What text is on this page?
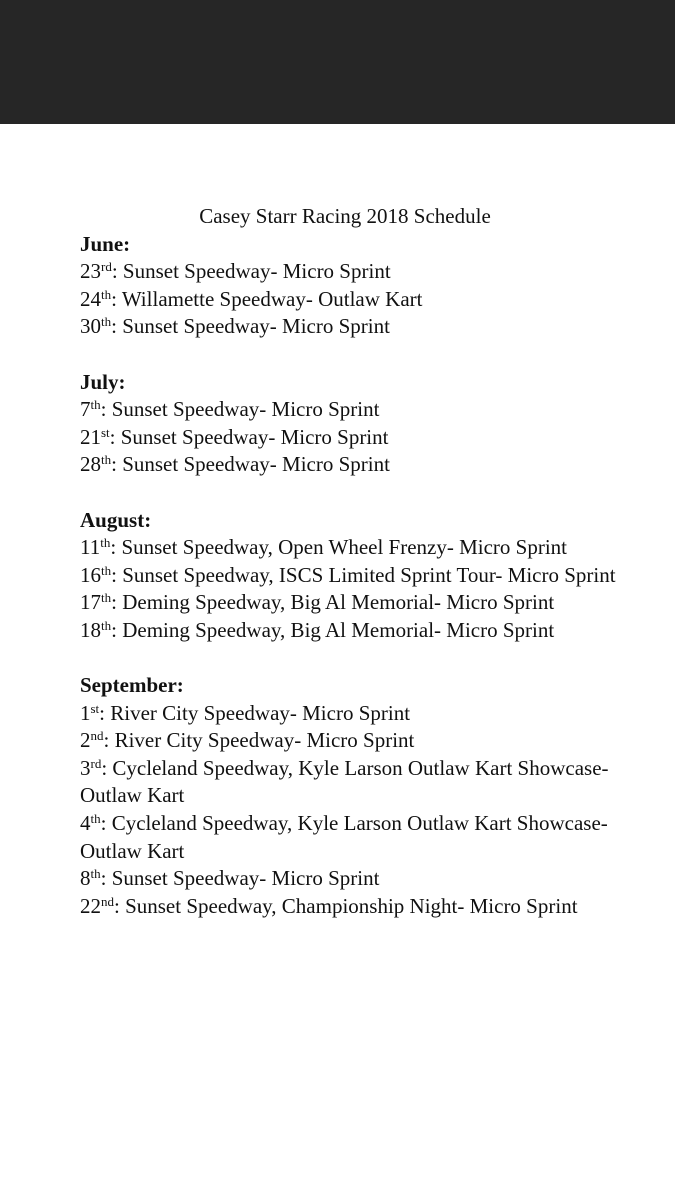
Casey Starr Racing 2018 Schedule
June:
23rd: Sunset Speedway- Micro Sprint
24th: Willamette Speedway- Outlaw Kart
30th: Sunset Speedway- Micro Sprint
July:
7th: Sunset Speedway- Micro Sprint
21st: Sunset Speedway- Micro Sprint
28th: Sunset Speedway- Micro Sprint
August:
11th: Sunset Speedway, Open Wheel Frenzy- Micro Sprint
16th: Sunset Speedway, ISCS Limited Sprint Tour- Micro Sprint
17th: Deming Speedway, Big Al Memorial- Micro Sprint
18th: Deming Speedway, Big Al Memorial- Micro Sprint
September:
1st: River City Speedway- Micro Sprint
2nd: River City Speedway- Micro Sprint
3rd: Cycleland Speedway, Kyle Larson Outlaw Kart Showcase- Outlaw Kart
4th: Cycleland Speedway, Kyle Larson Outlaw Kart Showcase- Outlaw Kart
8th: Sunset Speedway- Micro Sprint
22nd: Sunset Speedway, Championship Night- Micro Sprint
